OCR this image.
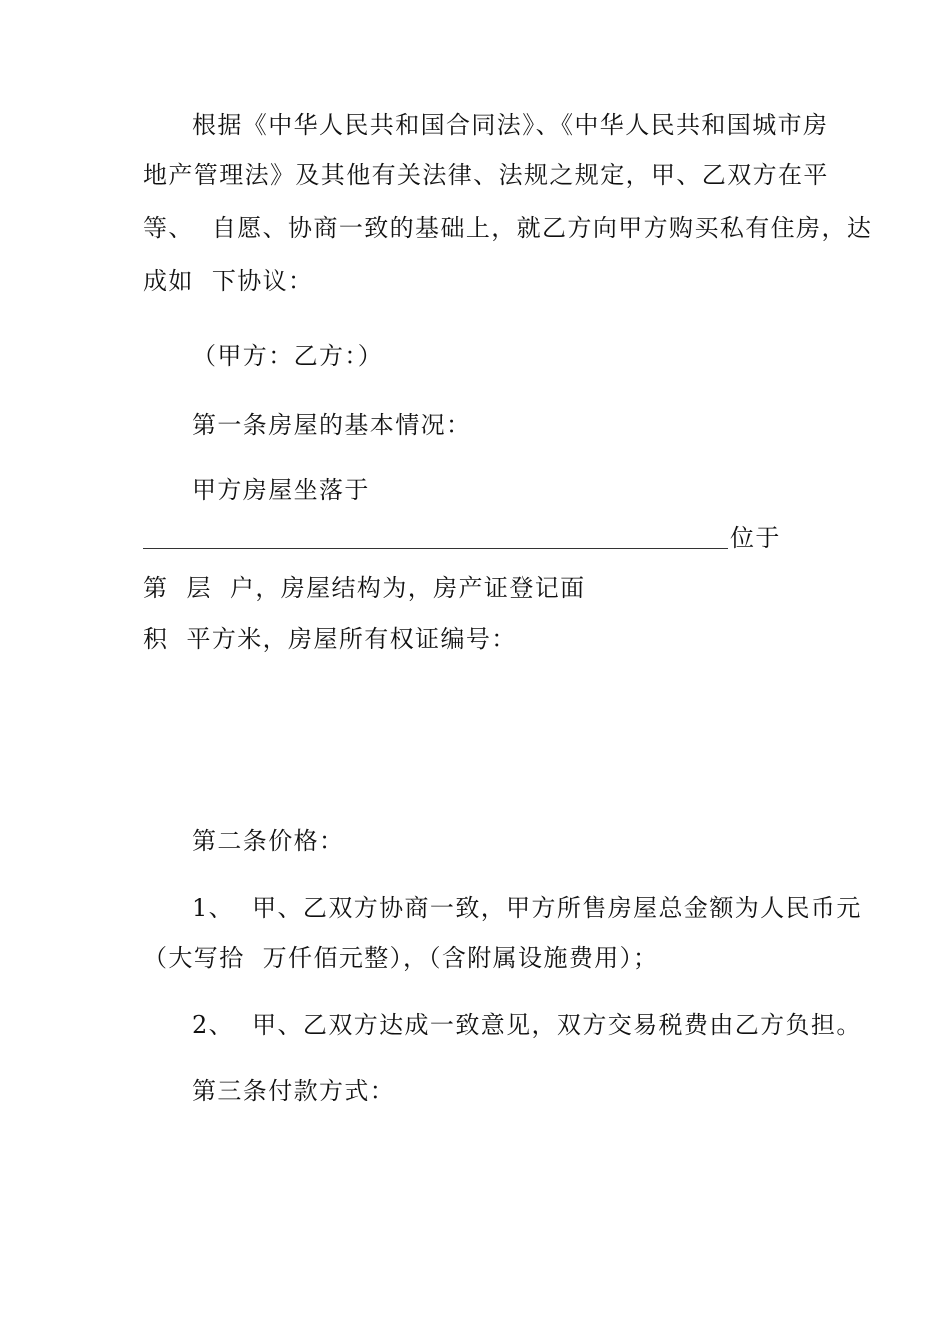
根据《中华人民共和国合同法》、《中华人民共和国城市房
地产管理法》及其他有关法律、法规之规定，甲、乙双方在平
等、  自愿、协商一致的基础上，就乙方向甲方购买私有住房，达
成如  下协议：
（甲方：乙方：）
第一条房屋的基本情况：
甲方房屋坐落于
位于
第  层  户，房屋结构为，房产证登记面
积  平方米，房屋所有权证编号：
第二条价格：
1、  甲、乙双方协商一致，甲方所售房屋总金额为人民币元
（大写拾  万仟佰元整），（含附属设施费用）；
2、  甲、乙双方达成一致意见，双方交易税费由乙方负担。
第三条付款方式：
